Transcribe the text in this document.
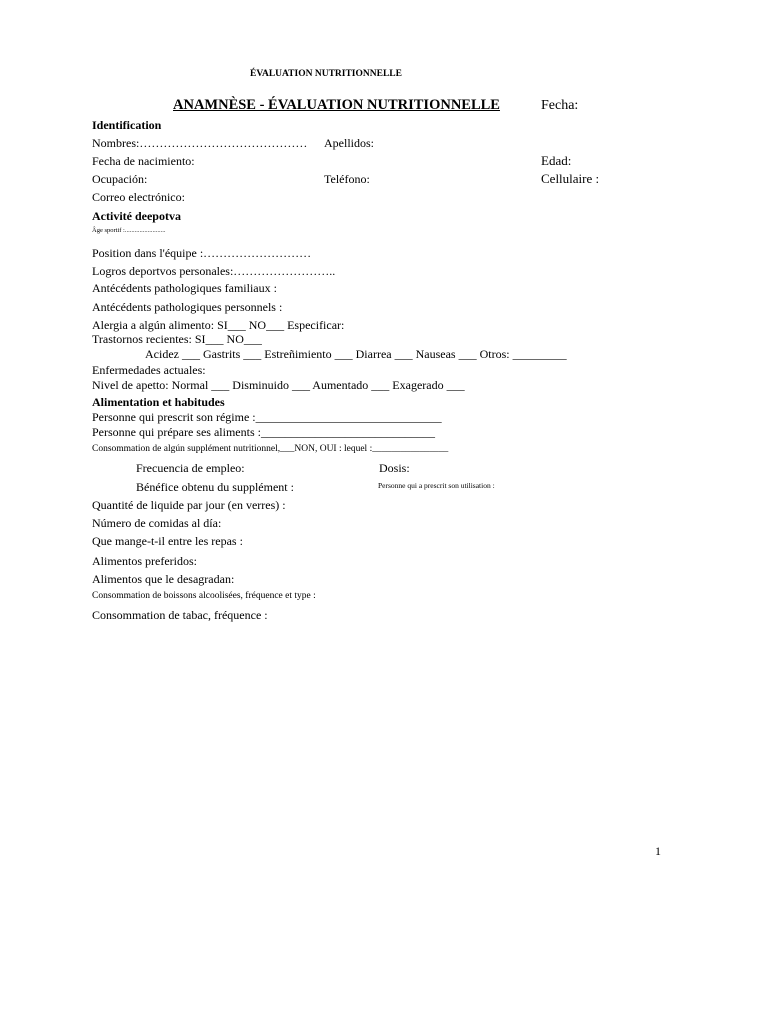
ÉVALUATION NUTRITIONNELLE
ANAMNÈSE - ÉVALUATION NUTRITIONNELLE	Fecha:
Identification
Nombres:…………………………………… Apellidos:
Fecha de nacimiento:	Edad:
Ocupación:	Teléfono:	Cellulaire :
Correo electrónico:
Activité deepotva
Âge sportif :.........................
Position dans l'équipe :………………………
Logros deportvos personales:……………………..
Antécédents pathologiques familiaux :
Antécédents pathologiques personnels :
Alergia a algún alimento: SI___ NO___ Especificar:
Trastornos recientes: SI___ NO___
Acidez ___ Gastrits ___ Estreñimiento ___ Diarrea ___ Nauseas ___ Otros: _________
Enfermedades actuales:
Nivel de apetto: Normal ___ Disminuido ___ Aumentado ___ Exagerado ___
Alimentation et habitudes
Personne qui prescrit son régime :_______________________________
Personne qui prépare ses aliments :_____________________________
Consommation de algún supplément nutritionnel,___NON, OUI : lequel :________________
Frecuencia de empleo:	Dosis:
Bénéfice obtenu du supplément :	Personne qui a prescrit son utilisation :
Quantité de liquide par jour (en verres) :
Número de comidas al día:
Que mange-t-il entre les repas :
Alimentos preferidos:
Alimentos que le desagradan:
Consommation de boissons alcoolisées, fréquence et type :
Consommation de tabac, fréquence :
1
